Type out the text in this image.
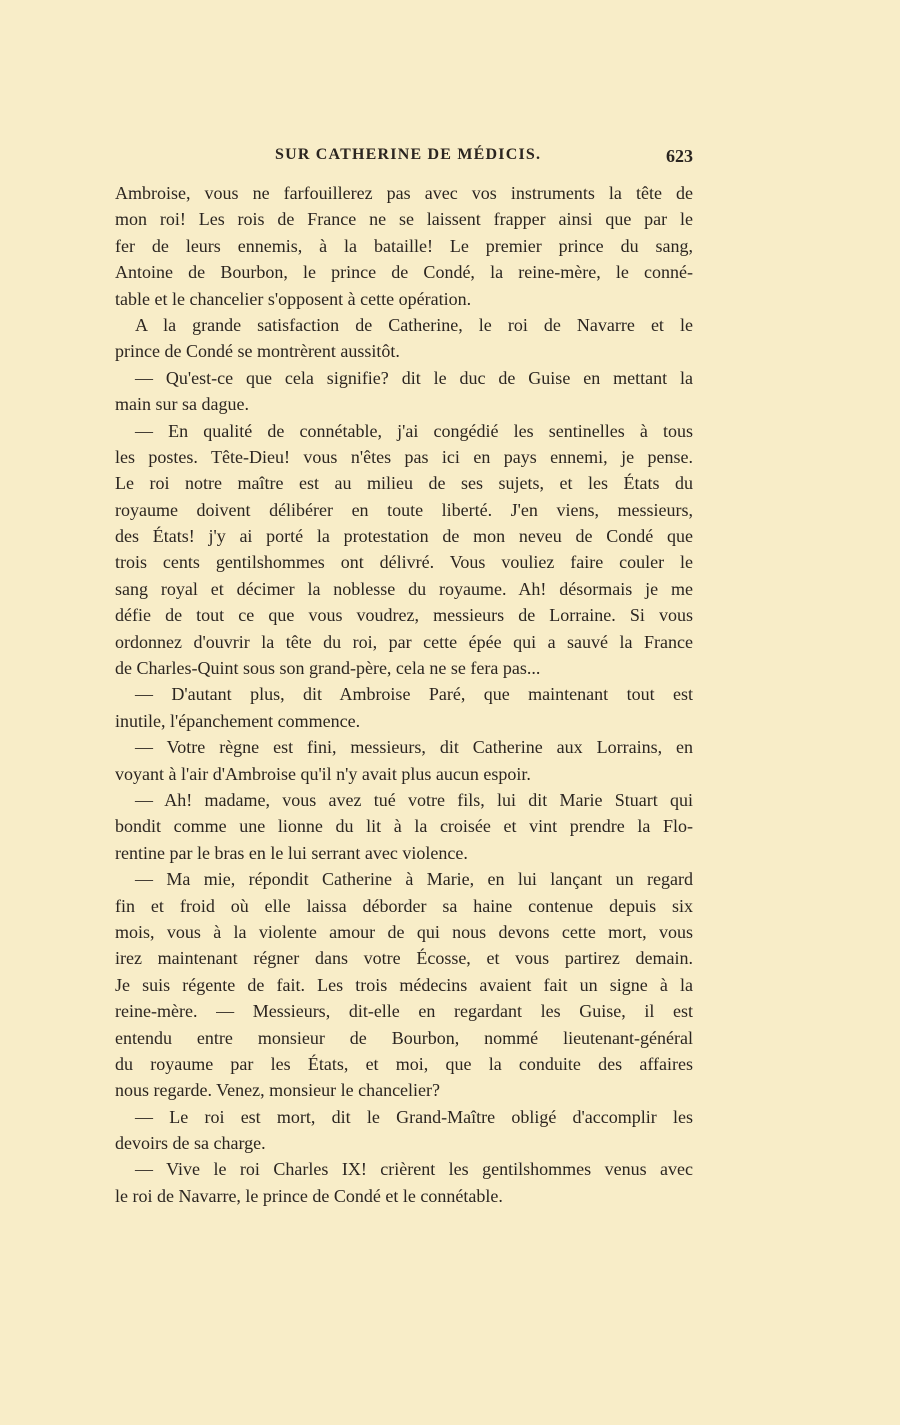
SUR CATHERINE DE MÉDICIS.	623
Ambroise, vous ne farfouillerez pas avec vos instruments la tête de
mon roi! Les rois de France ne se laissent frapper ainsi que par le
fer de leurs ennemis, à la bataille! Le premier prince du sang,
Antoine de Bourbon, le prince de Condé, la reine-mère, le conné-
table et le chancelier s'opposent à cette opération.
A la grande satisfaction de Catherine, le roi de Navarre et le
prince de Condé se montrèrent aussitôt.
— Qu'est-ce que cela signifie? dit le duc de Guise en mettant la
main sur sa dague.
— En qualité de connétable, j'ai congédié les sentinelles à tous
les postes. Tête-Dieu! vous n'êtes pas ici en pays ennemi, je pense.
Le roi notre maître est au milieu de ses sujets, et les États du
royaume doivent délibérer en toute liberté. J'en viens, messieurs,
des États! j'y ai porté la protestation de mon neveu de Condé que
trois cents gentilshommes ont délivré. Vous vouliez faire couler le
sang royal et décimer la noblesse du royaume. Ah! désormais je me
défie de tout ce que vous voudrez, messieurs de Lorraine. Si vous
ordonnez d'ouvrir la tête du roi, par cette épée qui a sauvé la France
de Charles-Quint sous son grand-père, cela ne se fera pas...
— D'autant plus, dit Ambroise Paré, que maintenant tout est
inutile, l'épanchement commence.
— Votre règne est fini, messieurs, dit Catherine aux Lorrains, en
voyant à l'air d'Ambroise qu'il n'y avait plus aucun espoir.
— Ah! madame, vous avez tué votre fils, lui dit Marie Stuart qui
bondit comme une lionne du lit à la croisée et vint prendre la Flo-
rentine par le bras en le lui serrant avec violence.
— Ma mie, répondit Catherine à Marie, en lui lançant un regard
fin et froid où elle laissa déborder sa haine contenue depuis six
mois, vous à la violente amour de qui nous devons cette mort, vous
irez maintenant régner dans votre Écosse, et vous partirez demain.
Je suis régente de fait. Les trois médecins avaient fait un signe à la
reine-mère. — Messieurs, dit-elle en regardant les Guise, il est
entendu entre monsieur de Bourbon, nommé lieutenant-général
du royaume par les États, et moi, que la conduite des affaires
nous regarde. Venez, monsieur le chancelier?
— Le roi est mort, dit le Grand-Maître obligé d'accomplir les
devoirs de sa charge.
— Vive le roi Charles IX! crièrent les gentilshommes venus avec
le roi de Navarre, le prince de Condé et le connétable.
